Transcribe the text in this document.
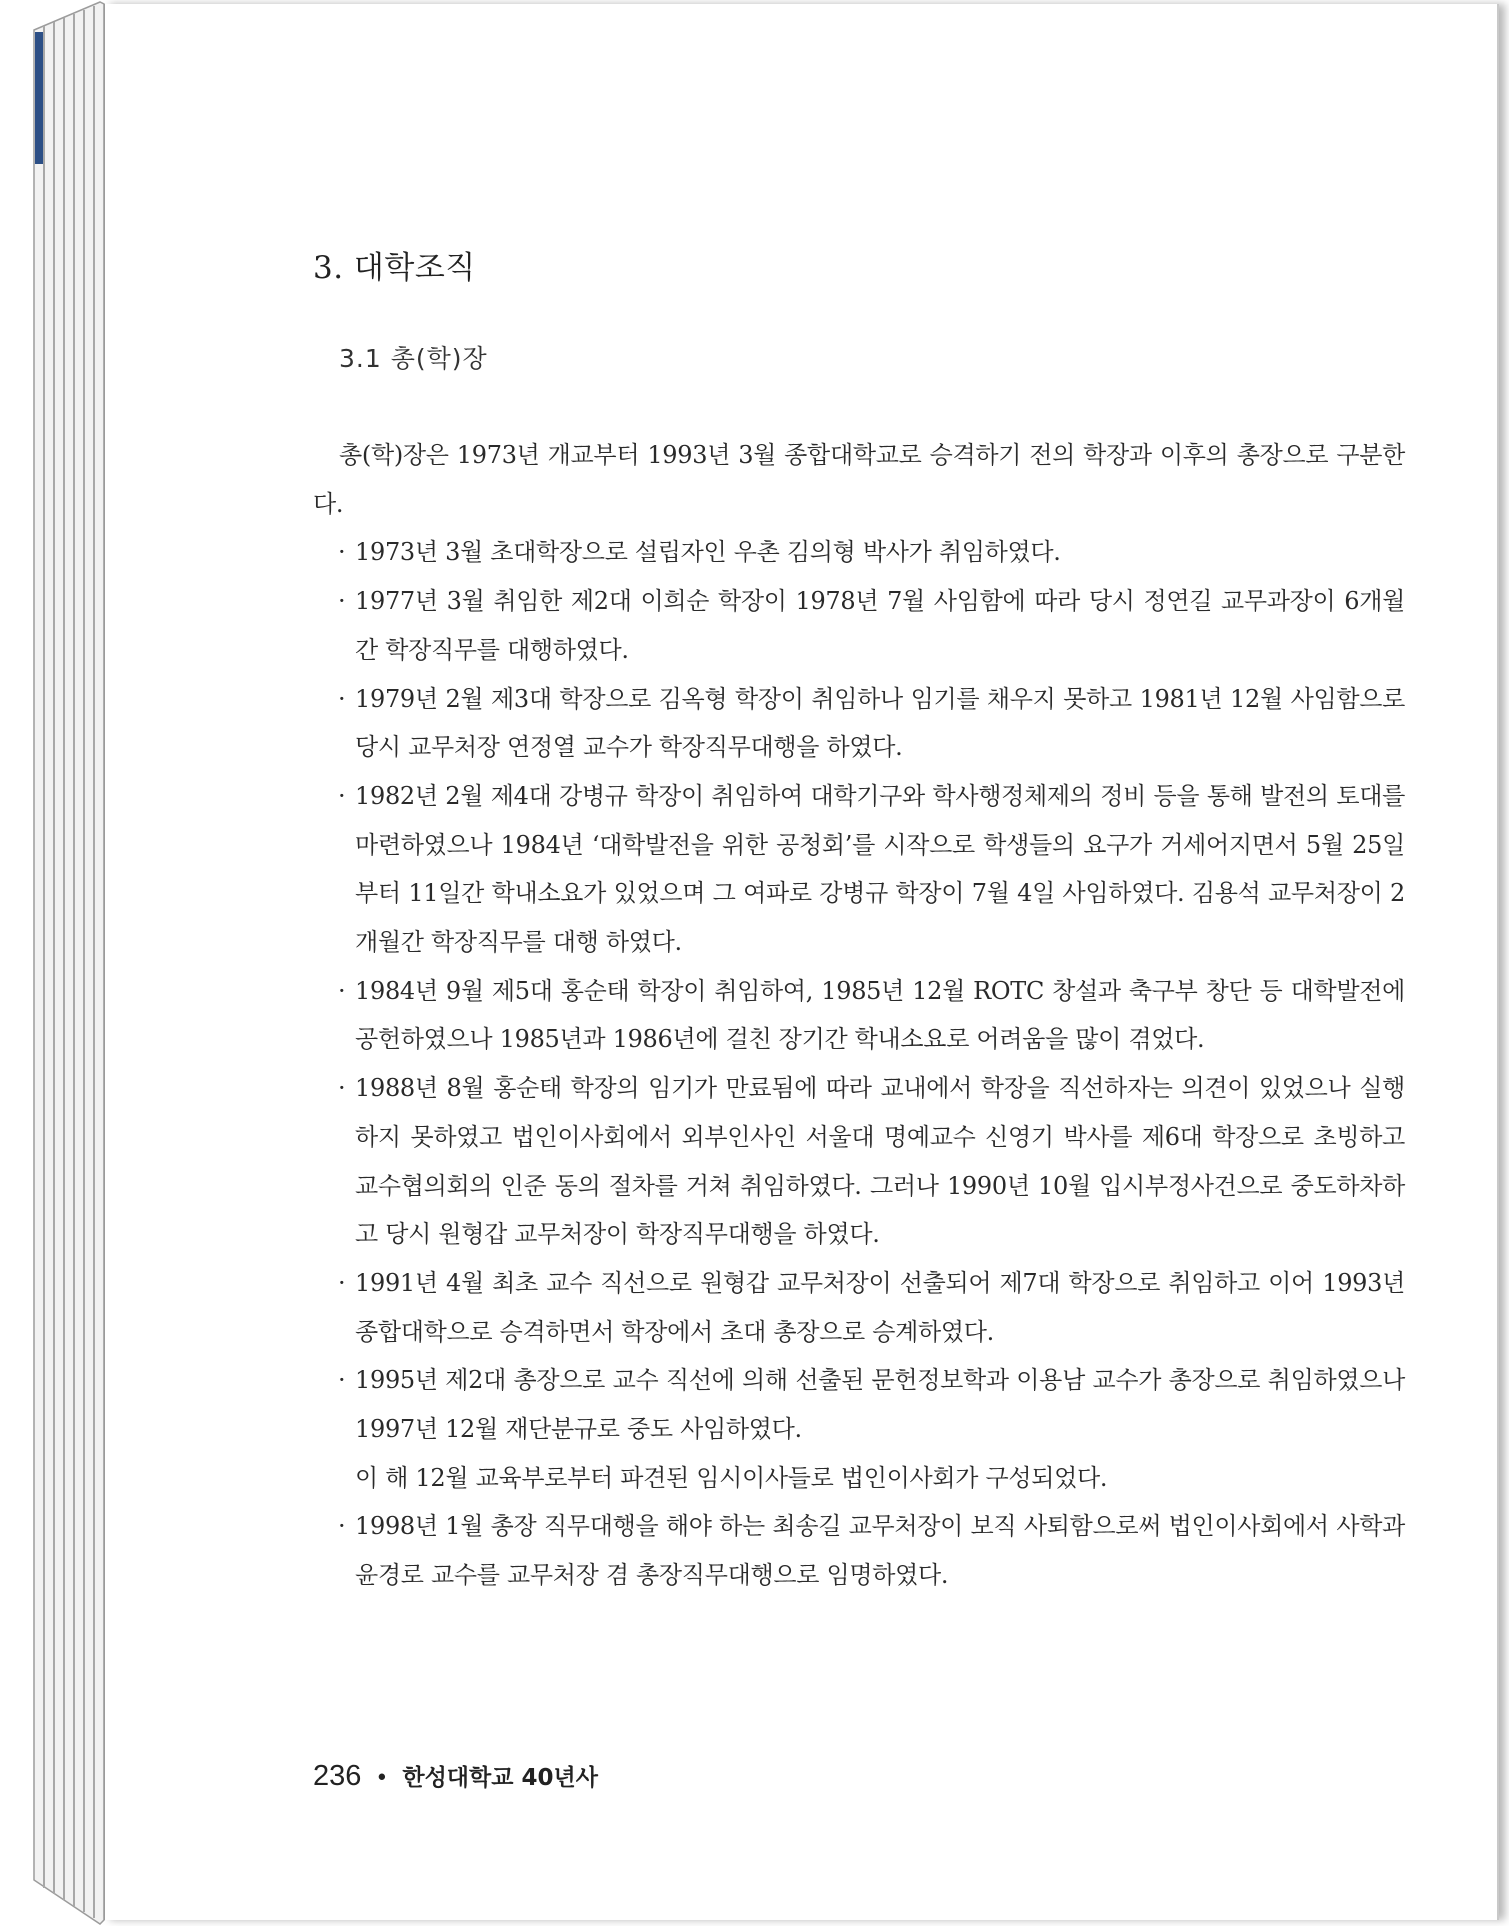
3. 대학조직
3.1 총(학)장

총(학)장은 1973년 개교부터 1993년 3월 종합대학교로 승격하기 전의 학장과 이후의 총장으로 구분한다.

· 1973년 3월 초대학장으로 설립자인 우촌 김의형 박사가 취임하였다.
· 1977년 3월 취임한 제2대 이희순 학장이 1978년 7월 사임함에 따라 당시 정연길 교무과장이 6개월간 학장직무를 대행하였다.
· 1979년 2월 제3대 학장으로 김옥형 학장이 취임하나 임기를 채우지 못하고 1981년 12월 사임함으로 당시 교무처장 연정열 교수가 학장직무대행을 하였다.
· 1982년 2월 제4대 강병규 학장이 취임하여 대학기구와 학사행정체제의 정비 등을 통해 발전의 토대를 마련하였으나 1984년 ‘대학발전을 위한 공청회’를 시작으로 학생들의 요구가 거세어지면서 5월 25일부터 11일간 학내소요가 있었으며 그 여파로 강병규 학장이 7월 4일 사임하였다. 김용석 교무처장이 2개월간 학장직무를 대행 하였다.
· 1984년 9월 제5대 홍순태 학장이 취임하여, 1985년 12월 ROTC 창설과 축구부 창단 등 대학발전에 공헌하였으나 1985년과 1986년에 걸친 장기간 학내소요로 어려움을 많이 겪었다.
· 1988년 8월 홍순태 학장의 임기가 만료됨에 따라 교내에서 학장을 직선하자는 의견이 있었으나 실행하지 못하였고 법인이사회에서 외부인사인 서울대 명예교수 신영기 박사를 제6대 학장으로 초빙하고 교수협의회의 인준 동의 절차를 거쳐 취임하였다. 그러나 1990년 10월 입시부정사건으로 중도하차하고 당시 원형갑 교무처장이 학장직무대행을 하였다.
· 1991년 4월 최초 교수 직선으로 원형갑 교무처장이 선출되어 제7대 학장으로 취임하고 이어 1993년 종합대학으로 승격하면서 학장에서 초대 총장으로 승계하였다.
· 1995년 제2대 총장으로 교수 직선에 의해 선출된 문헌정보학과 이용남 교수가 총장으로 취임하였으나 1997년 12월 재단분규로 중도 사임하였다.

이 해 12월 교육부로부터 파견된 임시이사들로 법인이사회가 구성되었다.

· 1998년 1월 총장 직무대행을 해야 하는 최송길 교무처장이 보직 사퇴함으로써 법인이사회에서 사학과 윤경로 교수를 교무처장 겸 총장직무대행으로 임명하였다.
236 • 한성대학교 40년사
